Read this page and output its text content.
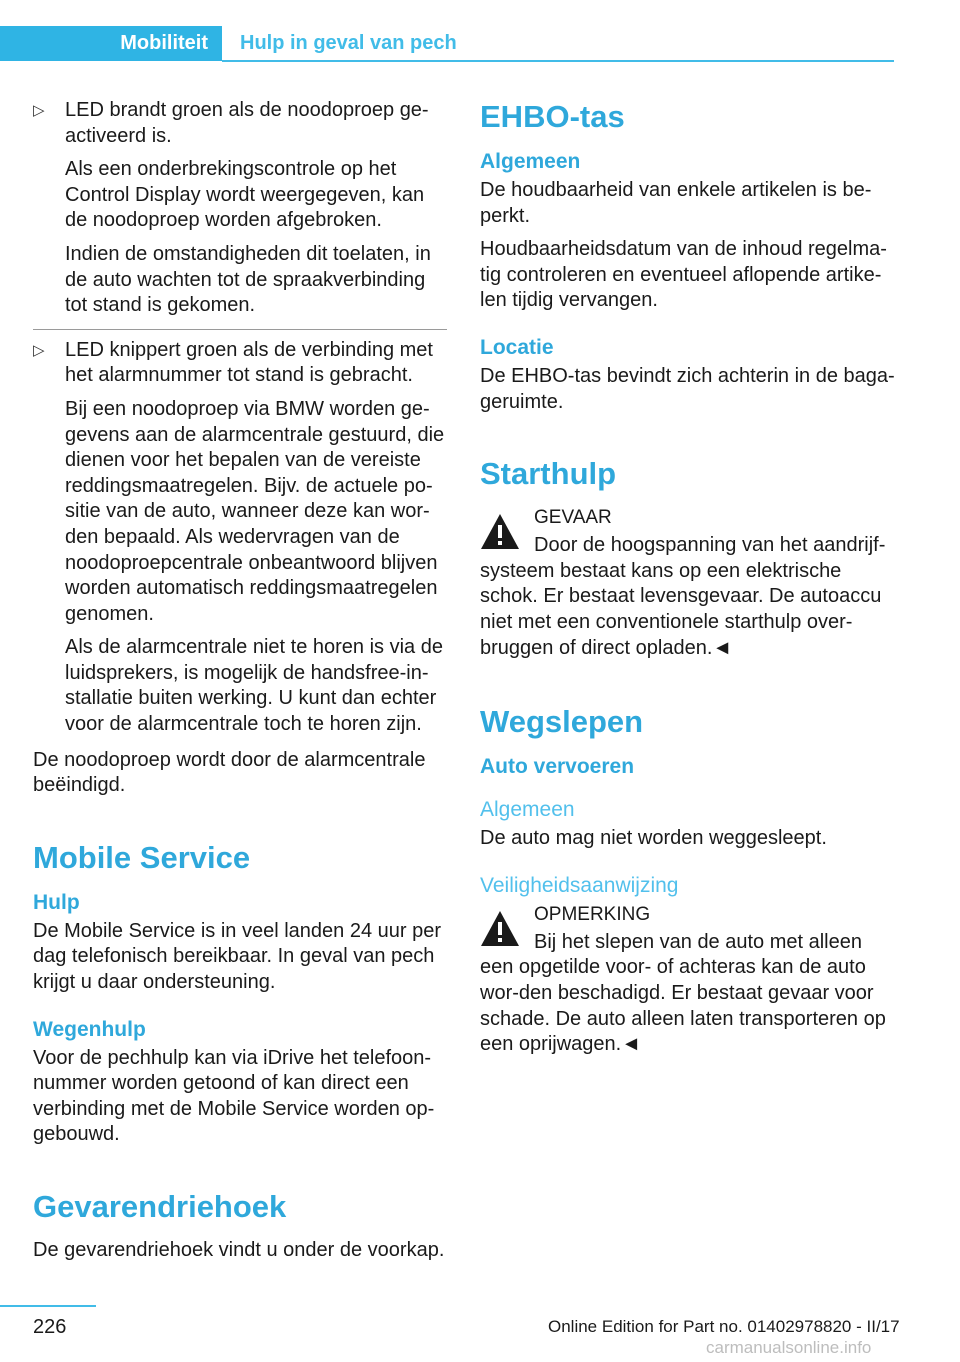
Mobiliteit	Hulp in geval van pech
▷ LED brandt groen als de noodoproep ge-activeerd is.

Als een onderbrekingscontrole op het Control Display wordt weergegeven, kan de noodoproep worden afgebroken.

Indien de omstandigheden dit toelaten, in de auto wachten tot de spraakverbinding tot stand is gekomen.

▷ LED knippert groen als de verbinding met het alarmnummer tot stand is gebracht.

Bij een noodoproep via BMW worden ge-gevens aan de alarmcentrale gestuurd, die dienen voor het bepalen van de vereiste reddingsmaatregelen. Bijv. de actuele po-sitie van de auto, wanneer deze kan wor-den bepaald. Als wedervragen van de noodoproepcentrale onbeantwoord blijven worden automatisch reddingsmaatregelen genomen.

Als de alarmcentrale niet te horen is via de luidsprekers, is mogelijk de handsfree-in-stallatie buiten werking. U kunt dan echter voor de alarmcentrale toch te horen zijn.

De noodoproep wordt door de alarmcentrale beëindigd.

Mobile Service
Hulp

De Mobile Service is in veel landen 24 uur per dag telefonisch bereikbaar. In geval van pech krijgt u daar ondersteuning.

Wegenhulp

Voor de pechhulp kan via iDrive het telefoon-nummer worden getoond of kan direct een verbinding met de Mobile Service worden op-gebouwd.

Gevarendriehoek

De gevarendriehoek vindt u onder de voorkap.

EHBO-tas
Algemeen

De houdbaarheid van enkele artikelen is be-perkt.

Houdbaarheidsdatum van de inhoud regelma-tig controleren en eventueel aflopende artike-len tijdig vervangen.

Locatie

De EHBO-tas bevindt zich achterin in de baga-geruimte.

Starthulp
GEVAAR

Door de hoogspanning van het aandrijf-systeem bestaat kans op een elektrische schok. Er bestaat levensgevaar. De autoaccu niet met een conventionele starthulp over-bruggen of direct opladen.◄

Wegslepen
Auto vervoeren
Algemeen

De auto mag niet worden weggesleept.

Veiligheidsaanwijzing
OPMERKING

Bij het slepen van de auto met alleen een opgetilde voor- of achteras kan de auto wor-den beschadigd. Er bestaat gevaar voor schade. De auto alleen laten transporteren op een oprijwagen.◄

226	Online Edition for Part no. 01402978820 - II/17
carmanualsonline.info
